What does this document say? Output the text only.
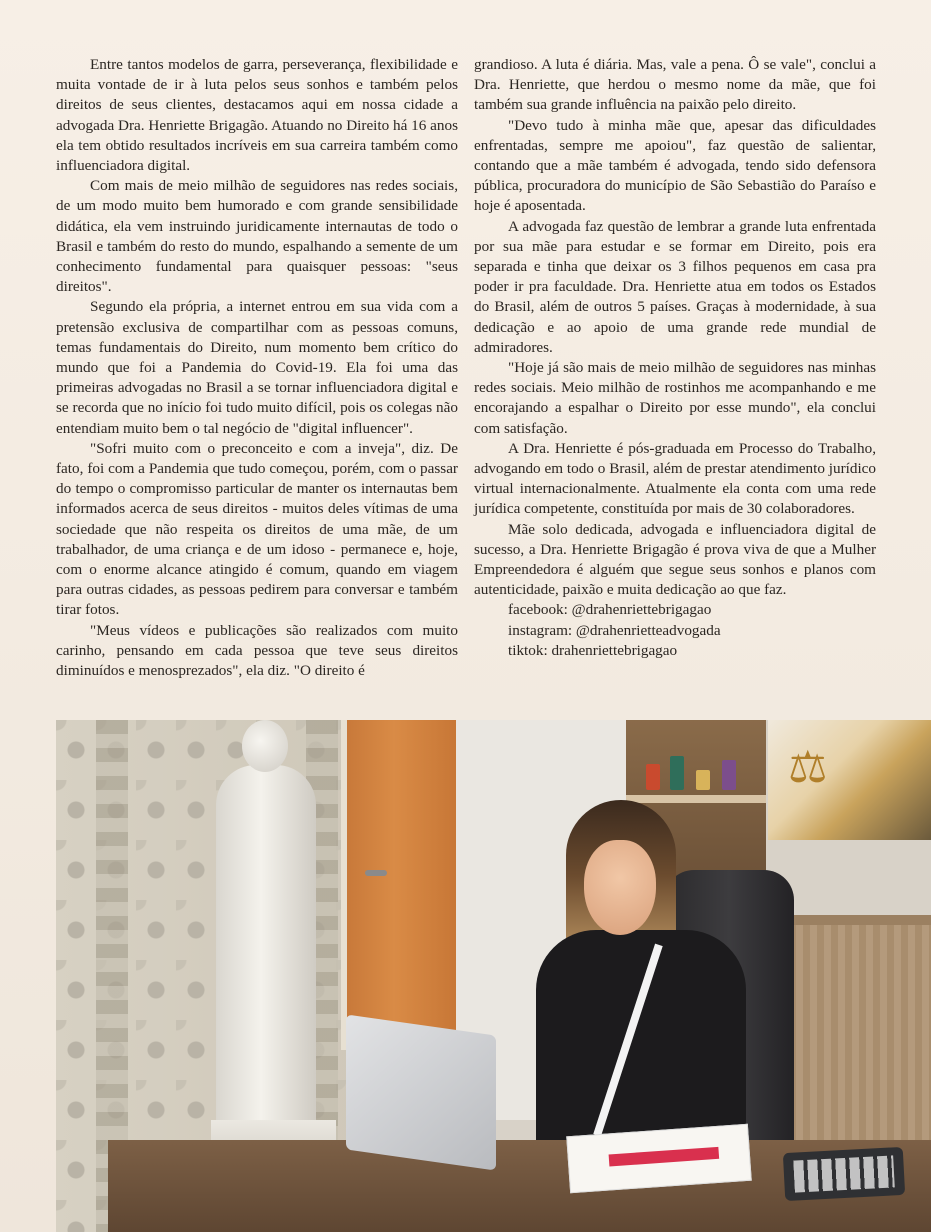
Entre tantos modelos de garra, perseverança, flexibilidade e muita vontade de ir à luta pelos seus sonhos e também pelos direitos de seus clientes, destacamos aqui em nossa cidade a advogada Dra. Henriette Brigagão. Atuando no Direito há 16 anos ela tem obtido resultados incríveis em sua carreira também como influenciadora digital.

Com mais de meio milhão de seguidores nas redes sociais, de um modo muito bem humorado e com grande sensibilidade didática, ela vem instruindo juridicamente internautas de todo o Brasil e também do resto do mundo, espalhando a semente de um conhecimento fundamental para quaisquer pessoas: "seus direitos".

Segundo ela própria, a internet entrou em sua vida com a pretensão exclusiva de compartilhar com as pessoas comuns, temas fundamentais do Direito, num momento bem crítico do mundo que foi a Pandemia do Covid-19. Ela foi uma das primeiras advogadas no Brasil a se tornar influenciadora digital e se recorda que no início foi tudo muito difícil, pois os colegas não entendiam muito bem o tal negócio de "digital influencer".

"Sofri muito com o preconceito e com a inveja", diz. De fato, foi com a Pandemia que tudo começou, porém, com o passar do tempo o compromisso particular de manter os internautas bem informados acerca de seus direitos - muitos deles vítimas de uma sociedade que não respeita os direitos de uma mãe, de um trabalhador, de uma criança e de um idoso - permanece e, hoje, com o enorme alcance atingido é comum, quando em viagem para outras cidades, as pessoas pedirem para conversar e também tirar fotos.

"Meus vídeos e publicações são realizados com muito carinho, pensando em cada pessoa que teve seus direitos diminuídos e menosprezados", ela diz. "O direito é

grandioso. A luta é diária. Mas, vale a pena. Ô se vale", conclui a Dra. Henriette, que herdou o mesmo nome da mãe, que foi também sua grande influência na paixão pelo direito.

"Devo tudo à minha mãe que, apesar das dificuldades enfrentadas, sempre me apoiou", faz questão de salientar, contando que a mãe também é advogada, tendo sido defensora pública, procuradora do município de São Sebastião do Paraíso e hoje é aposentada.

A advogada faz questão de lembrar a grande luta enfrentada por sua mãe para estudar e se formar em Direito, pois era separada e tinha que deixar os 3 filhos pequenos em casa pra poder ir pra faculdade. Dra. Henriette atua em todos os Estados do Brasil, além de outros 5 países. Graças à modernidade, à sua dedicação e ao apoio de uma grande rede mundial de admiradores.

"Hoje já são mais de meio milhão de seguidores nas minhas redes sociais. Meio milhão de rostinhos me acompanhando e me encorajando a espalhar o Direito por esse mundo", ela conclui com satisfação.

A Dra. Henriette é pós-graduada em Processo do Trabalho, advogando em todo o Brasil, além de prestar atendimento jurídico virtual internacionalmente. Atualmente ela conta com uma rede jurídica competente, constituída por mais de 30 colaboradores.

Mãe solo dedicada, advogada e influenciadora digital de sucesso, a Dra. Henriette Brigagão é prova viva de que a Mulher Empreendedora é alguém que segue seus sonhos e planos com autenticidade, paixão e muita dedicação ao que faz.

facebook: @drahenriettebrigagao
instagram: @drahenrietteadvogada
tiktok: drahenriettebrigagao
⚖
